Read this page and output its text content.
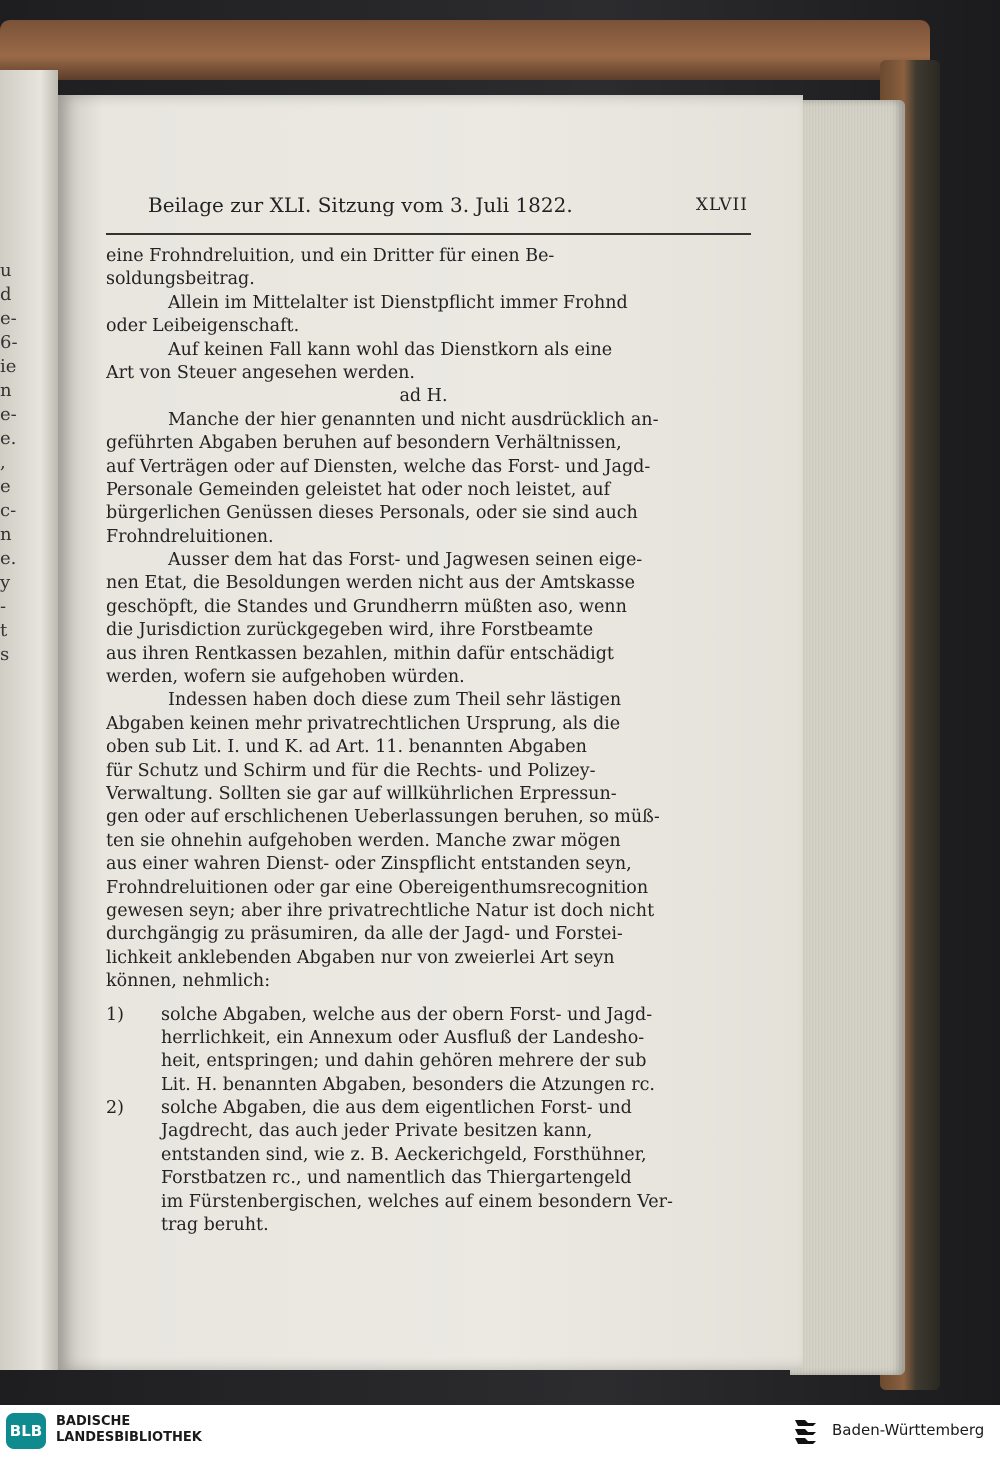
u
d
e-
6-
ie
n
e-
e.
,
e
c-
n
e.
y
-
t
s
Beilage zur XLI. Sitzung vom 3. Juli 1822.	XLVII
eine Frohndreluition, und ein Dritter für einen Be-
soldungsbeitrag.
Allein im Mittelalter ist Dienstpflicht immer Frohnd
oder Leibeigenschaft.
Auf keinen Fall kann wohl das Dienstkorn als eine
Art von Steuer angesehen werden.
ad H.
Manche der hier genannten und nicht ausdrücklich an-
geführten Abgaben beruhen auf besondern Verhältnissen,
auf Verträgen oder auf Diensten, welche das Forst- und Jagd-
Personale Gemeinden geleistet hat oder noch leistet, auf
bürgerlichen Genüssen dieses Personals, oder sie sind auch
Frohndreluitionen.
Ausser dem hat das Forst- und Jagwesen seinen eige-
nen Etat, die Besoldungen werden nicht aus der Amtskasse
geschöpft, die Standes und Grundherrn müßten aso, wenn
die Jurisdiction zurückgegeben wird, ihre Forstbeamte
aus ihren Rentkassen bezahlen, mithin dafür entschädigt
werden, wofern sie aufgehoben würden.
Indessen haben doch diese zum Theil sehr lästigen
Abgaben keinen mehr privatrechtlichen Ursprung, als die
oben sub Lit. I. und K. ad Art. 11. benannten Abgaben
für Schutz und Schirm und für die Rechts- und Polizey-
Verwaltung. Sollten sie gar auf willkührlichen Erpressun-
gen oder auf erschlichenen Ueberlassungen beruhen, so müß-
ten sie ohnehin aufgehoben werden. Manche zwar mögen
aus einer wahren Dienst- oder Zinspflicht entstanden seyn,
Frohndreluitionen oder gar eine Obereigenthumsrecognition
gewesen seyn; aber ihre privatrechtliche Natur ist doch nicht
durchgängig zu präsumiren, da alle der Jagd- und Forstei-
lichkeit anklebenden Abgaben nur von zweierlei Art seyn
können, nehmlich:
1) solche Abgaben, welche aus der obern Forst- und Jagd-
herrlichkeit, ein Annexum oder Ausfluß der Landesho-
heit, entspringen; und dahin gehören mehrere der sub
Lit. H. benannten Abgaben, besonders die Atzungen rc.
2) solche Abgaben, die aus dem eigentlichen Forst- und
Jagdrecht, das auch jeder Private besitzen kann,
entstanden sind, wie z. B. Aeckerichgeld, Forsthühner,
Forstbatzen rc., und namentlich das Thiergartengeld
im Fürstenbergischen, welches auf einem besondern Ver-
trag beruht.
BLB
BADISCHE
LANDESBIBLIOTHEK	Baden-Württemberg
